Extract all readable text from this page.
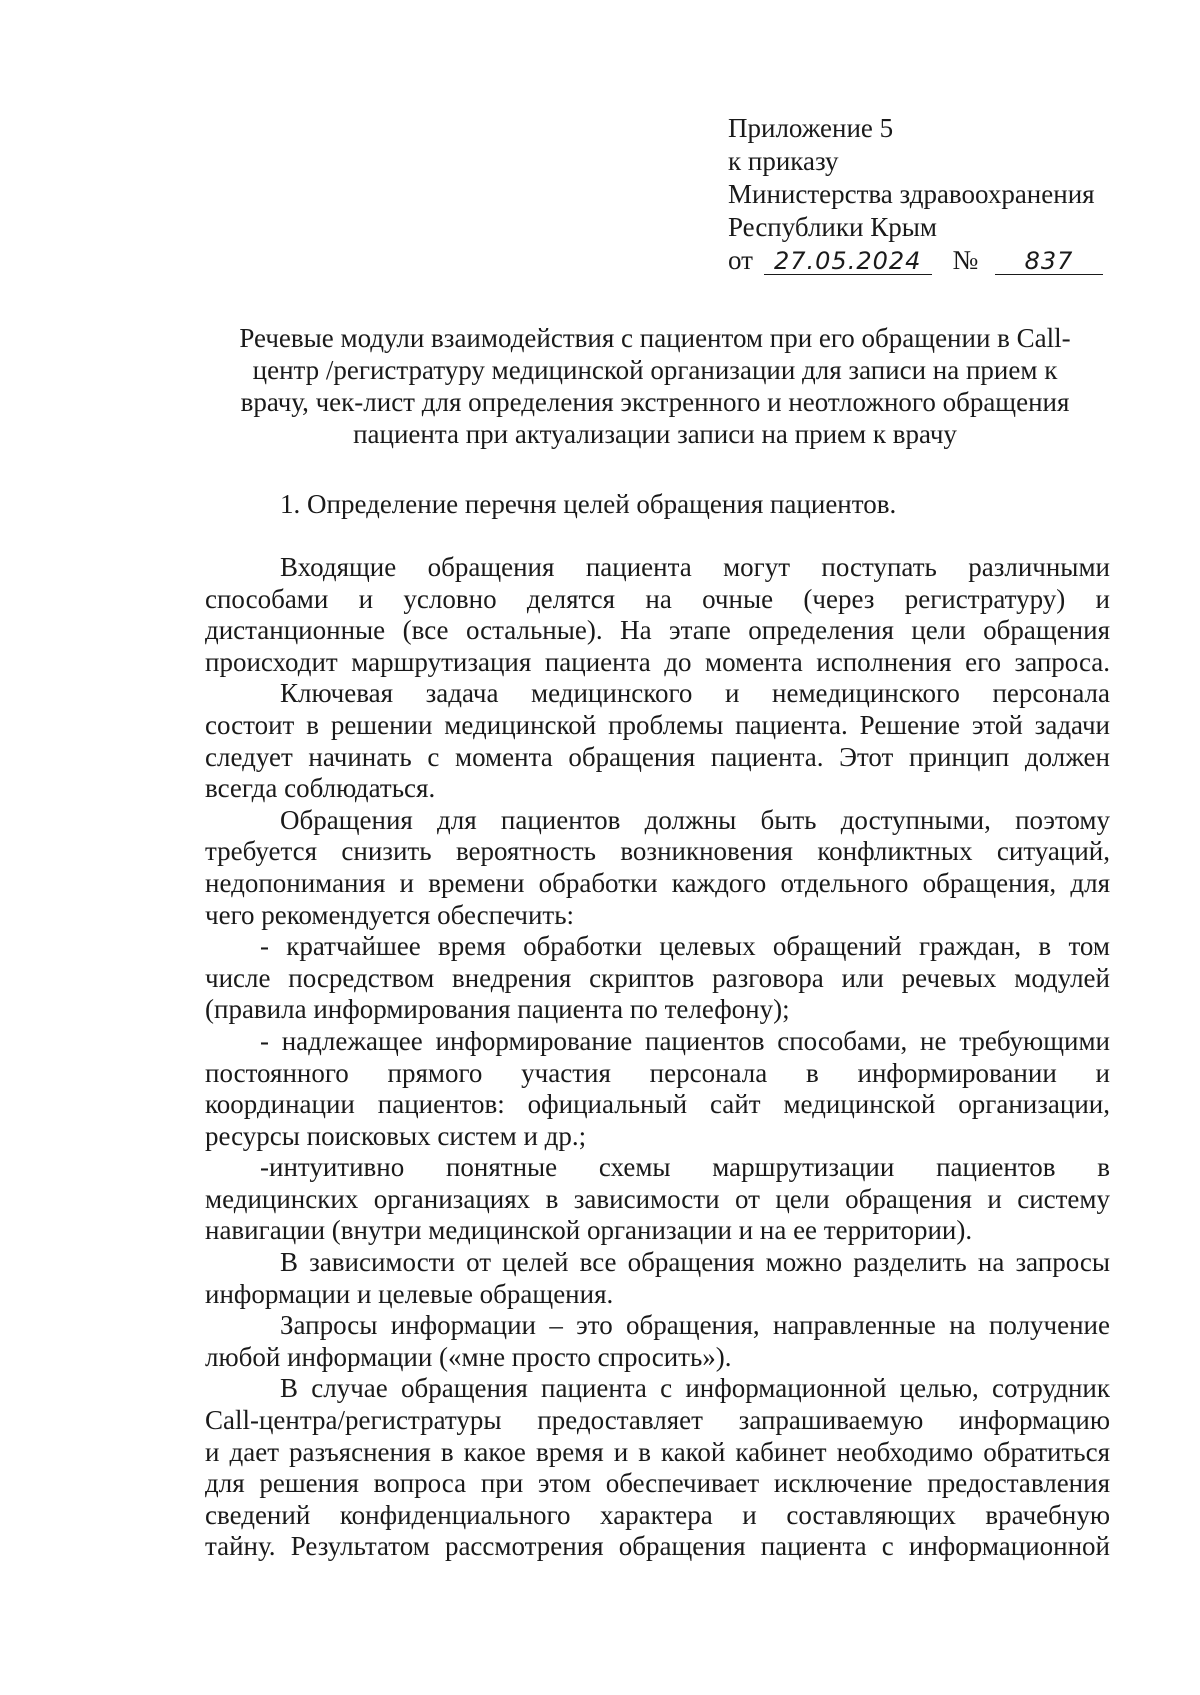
Приложение 5
к приказу
Министерства здравоохранения
Республики Крым
от 27.05.2024 № 837
Речевые модули взаимодействия с пациентом при его обращении в Call-
центр /регистратуру медицинской организации для записи на прием к
врачу, чек-лист для определения экстренного и неотложного обращения
пациента при актуализации записи на прием к врачу
1. Определение перечня целей обращения пациентов.
Входящие обращения пациента могут поступать различными
способами и условно делятся на очные (через регистратуру) и
дистанционные (все остальные). На этапе определения цели обращения
происходит маршрутизация пациента до момента исполнения его запроса.
Ключевая задача медицинского и немедицинского персонала
состоит в решении медицинской проблемы пациента. Решение этой задачи
следует начинать с момента обращения пациента. Этот принцип должен
всегда соблюдаться.
Обращения для пациентов должны быть доступными, поэтому
требуется снизить вероятность возникновения конфликтных ситуаций,
недопонимания и времени обработки каждого отдельного обращения, для
чего рекомендуется обеспечить:
- кратчайшее время обработки целевых обращений граждан, в том
числе посредством внедрения скриптов разговора или речевых модулей
(правила информирования пациента по телефону);
- надлежащее информирование пациентов способами, не требующими
постоянного прямого участия персонала в информировании и
координации пациентов: официальный сайт медицинской организации,
ресурсы поисковых систем и др.;
-интуитивно понятные схемы маршрутизации пациентов в
медицинских организациях в зависимости от цели обращения и систему
навигации (внутри медицинской организации и на ее территории).
В зависимости от целей все обращения можно разделить на запросы
информации и целевые обращения.
Запросы информации – это обращения, направленные на получение
любой информации («мне просто спросить»).
В случае обращения пациента с информационной целью, сотрудник
Call-центра/регистратуры предоставляет запрашиваемую информацию
и дает разъяснения в какое время и в какой кабинет необходимо обратиться
для решения вопроса при этом обеспечивает исключение предоставления
сведений конфиденциального характера и составляющих врачебную
тайну. Результатом рассмотрения обращения пациента с информационной
